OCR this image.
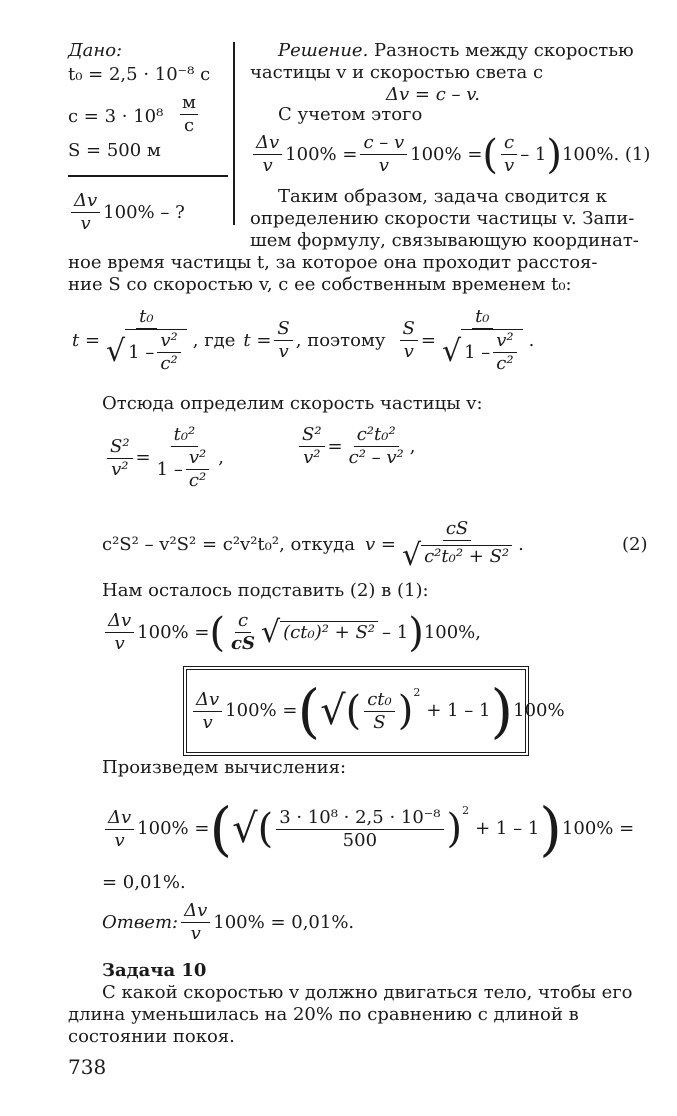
Дано:
t₀ = 2,5 · 10⁻⁸ с
c = 3 · 10⁸
м
с
S = 500 м
$\frac{\Delta v}{v} 100\%$ – ?
Решение. Разность между скоростью
частицы v и скоростью света c
Δv = c – v.
С учетом этого
$\frac{\Delta v}{v} 100\% = \frac{c - v}{v} 100\%$ = ( $\frac{c}{v} - 1$ ) 100%. (1)
Таким образом, задача сводится к
определению скорости частицы v. Запи-
шем формулу, связывающую координат-
ное время частицы t, за которое она проходит расстоя-
ние S со скоростью v, с ее собственным временем t₀:
$t = \frac{\text{t₀}}{√ 1 - \frac{\text{v²}}{\text{c²}}}$ , где $t = \frac{S}{v}$ , поэтому $\frac{S}{v} = \frac{\text{t₀}}{√ 1 - \frac{\text{v²}}{\text{c²}}}$ .
Отсюда определим скорость частицы v:
$\frac{\text{S²}}{\text{v²}} = \frac{\text{t₀²}}{1 - \frac{\text{v²}}{\text{c²}}}$ ,	$\frac{\text{S²}}{\text{v²}} = \frac{\text{c²t₀²}}{\text{c² – v²}}$ ,
c²S² – v²S² = c²v²t₀², откуда $v = \frac{cS}{\text{√ c²t₀² + S²}}$ .	(2)
Нам осталось подставить (2) в (1):
$\frac{\Delta v}{v} 100\%$ = ( $\frac{c}{cS}$ √ (ct₀)² + S² – 1 ) 100%,
$\frac{\Delta v}{v} 100\%$ = ( √ ( $\frac{\text{ct₀}}{S} )^2$
+ 1 – 1 ) 100%
Произведем вычисления:
$\frac{\Delta v}{v} 100\%$ = ( √ ( $\frac{\text{3 · 10⁸ · 2,5 · 10⁻⁸}}{500} )^2$
+ 1 – 1 ) 100% =
= 0,01%.
Ответ: $\frac{\Delta v}{v} 100\% = 0,01\%$.
Задача 10
С какой скоростью v должно двигаться тело, чтобы его
длина уменьшилась на 20% по сравнению с длиной в
состоянии покоя.
738
